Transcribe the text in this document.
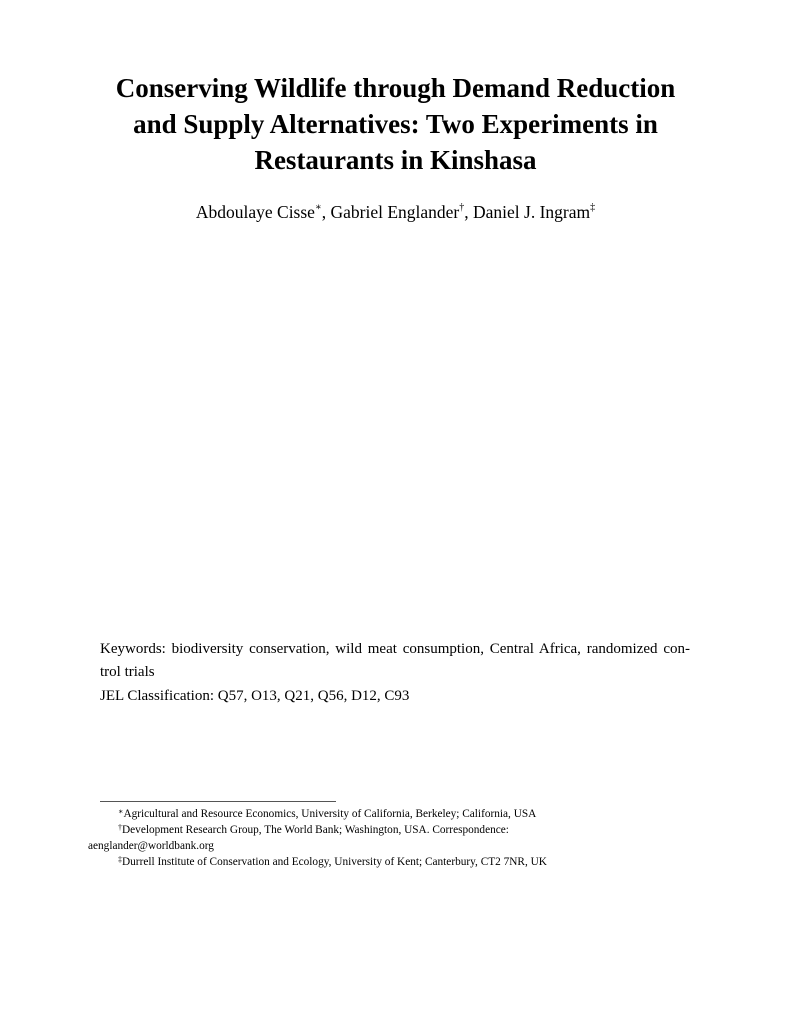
Conserving Wildlife through Demand Reduction
and Supply Alternatives: Two Experiments in
Restaurants in Kinshasa
Abdoulaye Cisse∗, Gabriel Englander†, Daniel J. Ingram‡
Keywords: biodiversity conservation, wild meat consumption, Central Africa, randomized con-trol trials
JEL Classification: Q57, O13, Q21, Q56, D12, C93
∗Agricultural and Resource Economics, University of California, Berkeley; California, USA
†Development Research Group, The World Bank; Washington, USA. Correspondence:
aenglander@worldbank.org
‡Durrell Institute of Conservation and Ecology, University of Kent; Canterbury, CT2 7NR, UK
